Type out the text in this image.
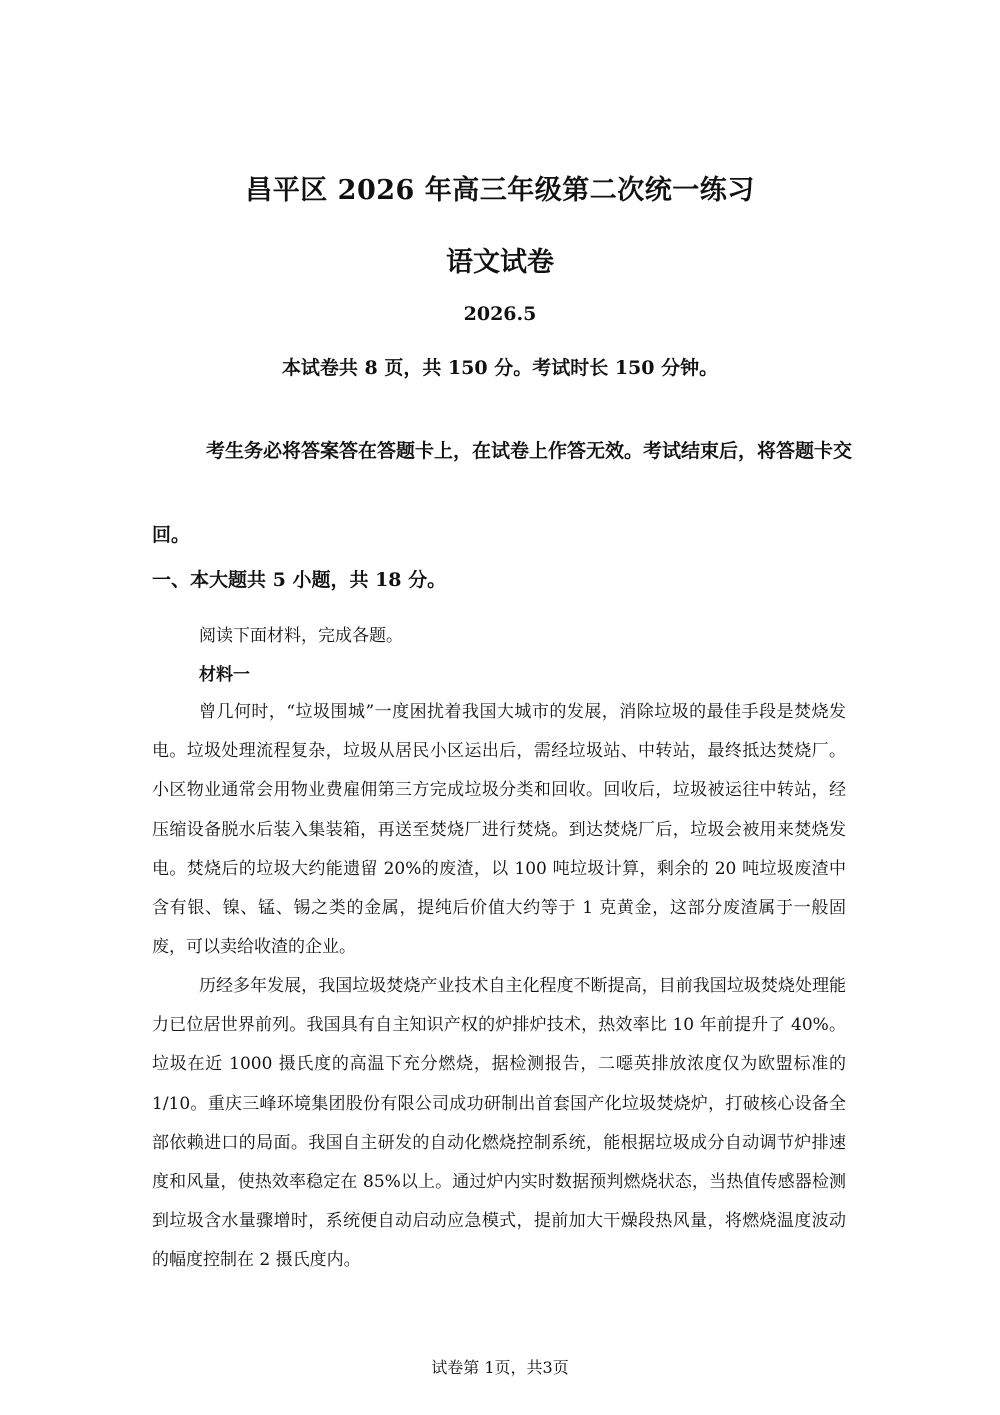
昌平区 2026 年高三年级第二次统一练习
语文试卷
2026.5
本试卷共 8 页，共 150 分。考试时长 150 分钟。
考生务必将答案答在答题卡上，在试卷上作答无效。考试结束后，将答题卡交回。
一、本大题共 5 小题，共 18 分。
阅读下面材料，完成各题。
材料一
曾几何时，“垃圾围城”一度困扰着我国大城市的发展，消除垃圾的最佳手段是焚烧发电。垃圾处理流程复杂，垃圾从居民小区运出后，需经垃圾站、中转站，最终抵达焚烧厂。小区物业通常会用物业费雇佣第三方完成垃圾分类和回收。回收后，垃圾被运往中转站，经压缩设备脱水后装入集装箱，再送至焚烧厂进行焚烧。到达焚烧厂后，垃圾会被用来焚烧发电。焚烧后的垃圾大约能遗留 20%的废渣，以 100 吨垃圾计算，剩余的 20 吨垃圾废渣中含有银、镍、锰、锡之类的金属，提纯后价值大约等于 1 克黄金，这部分废渣属于一般固废，可以卖给收渣的企业。
历经多年发展，我国垃圾焚烧产业技术自主化程度不断提高，目前我国垃圾焚烧处理能力已位居世界前列。我国具有自主知识产权的炉排炉技术，热效率比 10 年前提升了 40%。垃圾在近 1000 摄氏度的高温下充分燃烧，据检测报告，二噁英排放浓度仅为欧盟标准的 1/10。重庆三峰环境集团股份有限公司成功研制出首套国产化垃圾焚烧炉，打破核心设备全部依赖进口的局面。我国自主研发的自动化燃烧控制系统，能根据垃圾成分自动调节炉排速度和风量，使热效率稳定在 85%以上。通过炉内实时数据预判燃烧状态，当热值传感器检测到垃圾含水量骤增时，系统便自动启动应急模式，提前加大干燥段热风量，将燃烧温度波动的幅度控制在 2 摄氏度内。
试卷第 1页，共3页
